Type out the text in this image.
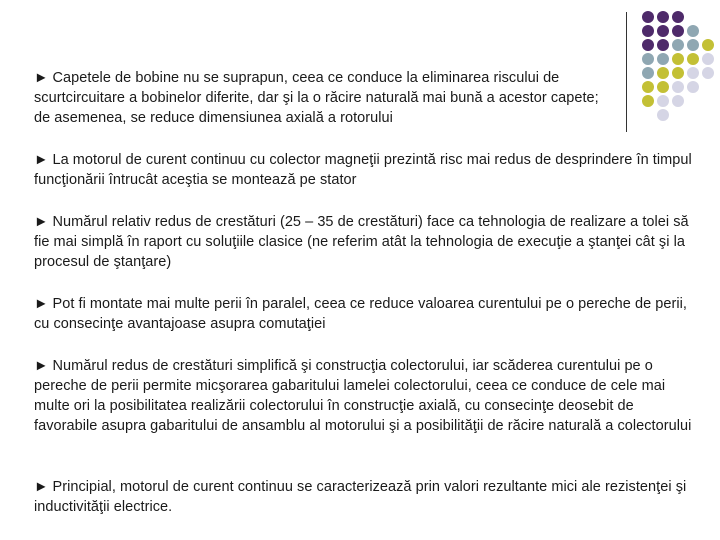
► Capetele de bobine nu se suprapun, ceea ce conduce la eliminarea riscului de scurtcircuitare a bobinelor diferite, dar şi la o răcire naturală mai bună a acestor capete; de asemenea, se reduce dimensiunea axială a rotorului

► La motorul de curent continuu cu colector magneţii prezintă risc mai redus de desprindere în timpul funcţionării întrucât aceştia se montează pe stator

► Numărul relativ redus de crestături (25 – 35 de crestături) face ca tehnologia de realizare a tolei să fie mai simplă în raport cu soluţiile clasice (ne referim atât la tehnologia de execuţie a ştanţei cât şi la procesul de ştanţare)

► Pot fi montate mai multe perii în paralel, ceea ce reduce valoarea curentului pe o pereche de perii, cu consecinţe avantajoase asupra comutaţiei

► Numărul redus de crestături simplifică şi construcţia colectorului, iar scăderea curentului pe o pereche de perii permite micşorarea gabaritului lamelei colectorului, ceea ce conduce de cele mai multe ori la posibilitatea realizării colectorului în construcţie axială, cu consecinţe deosebit de favorabile asupra gabaritului de ansamblu al motorului şi a posibilităţii de răcire naturală a colectorului

► Principial, motorul de curent continuu se caracterizează prin valori rezultante mici ale rezistenţei şi inductivităţii electrice.
